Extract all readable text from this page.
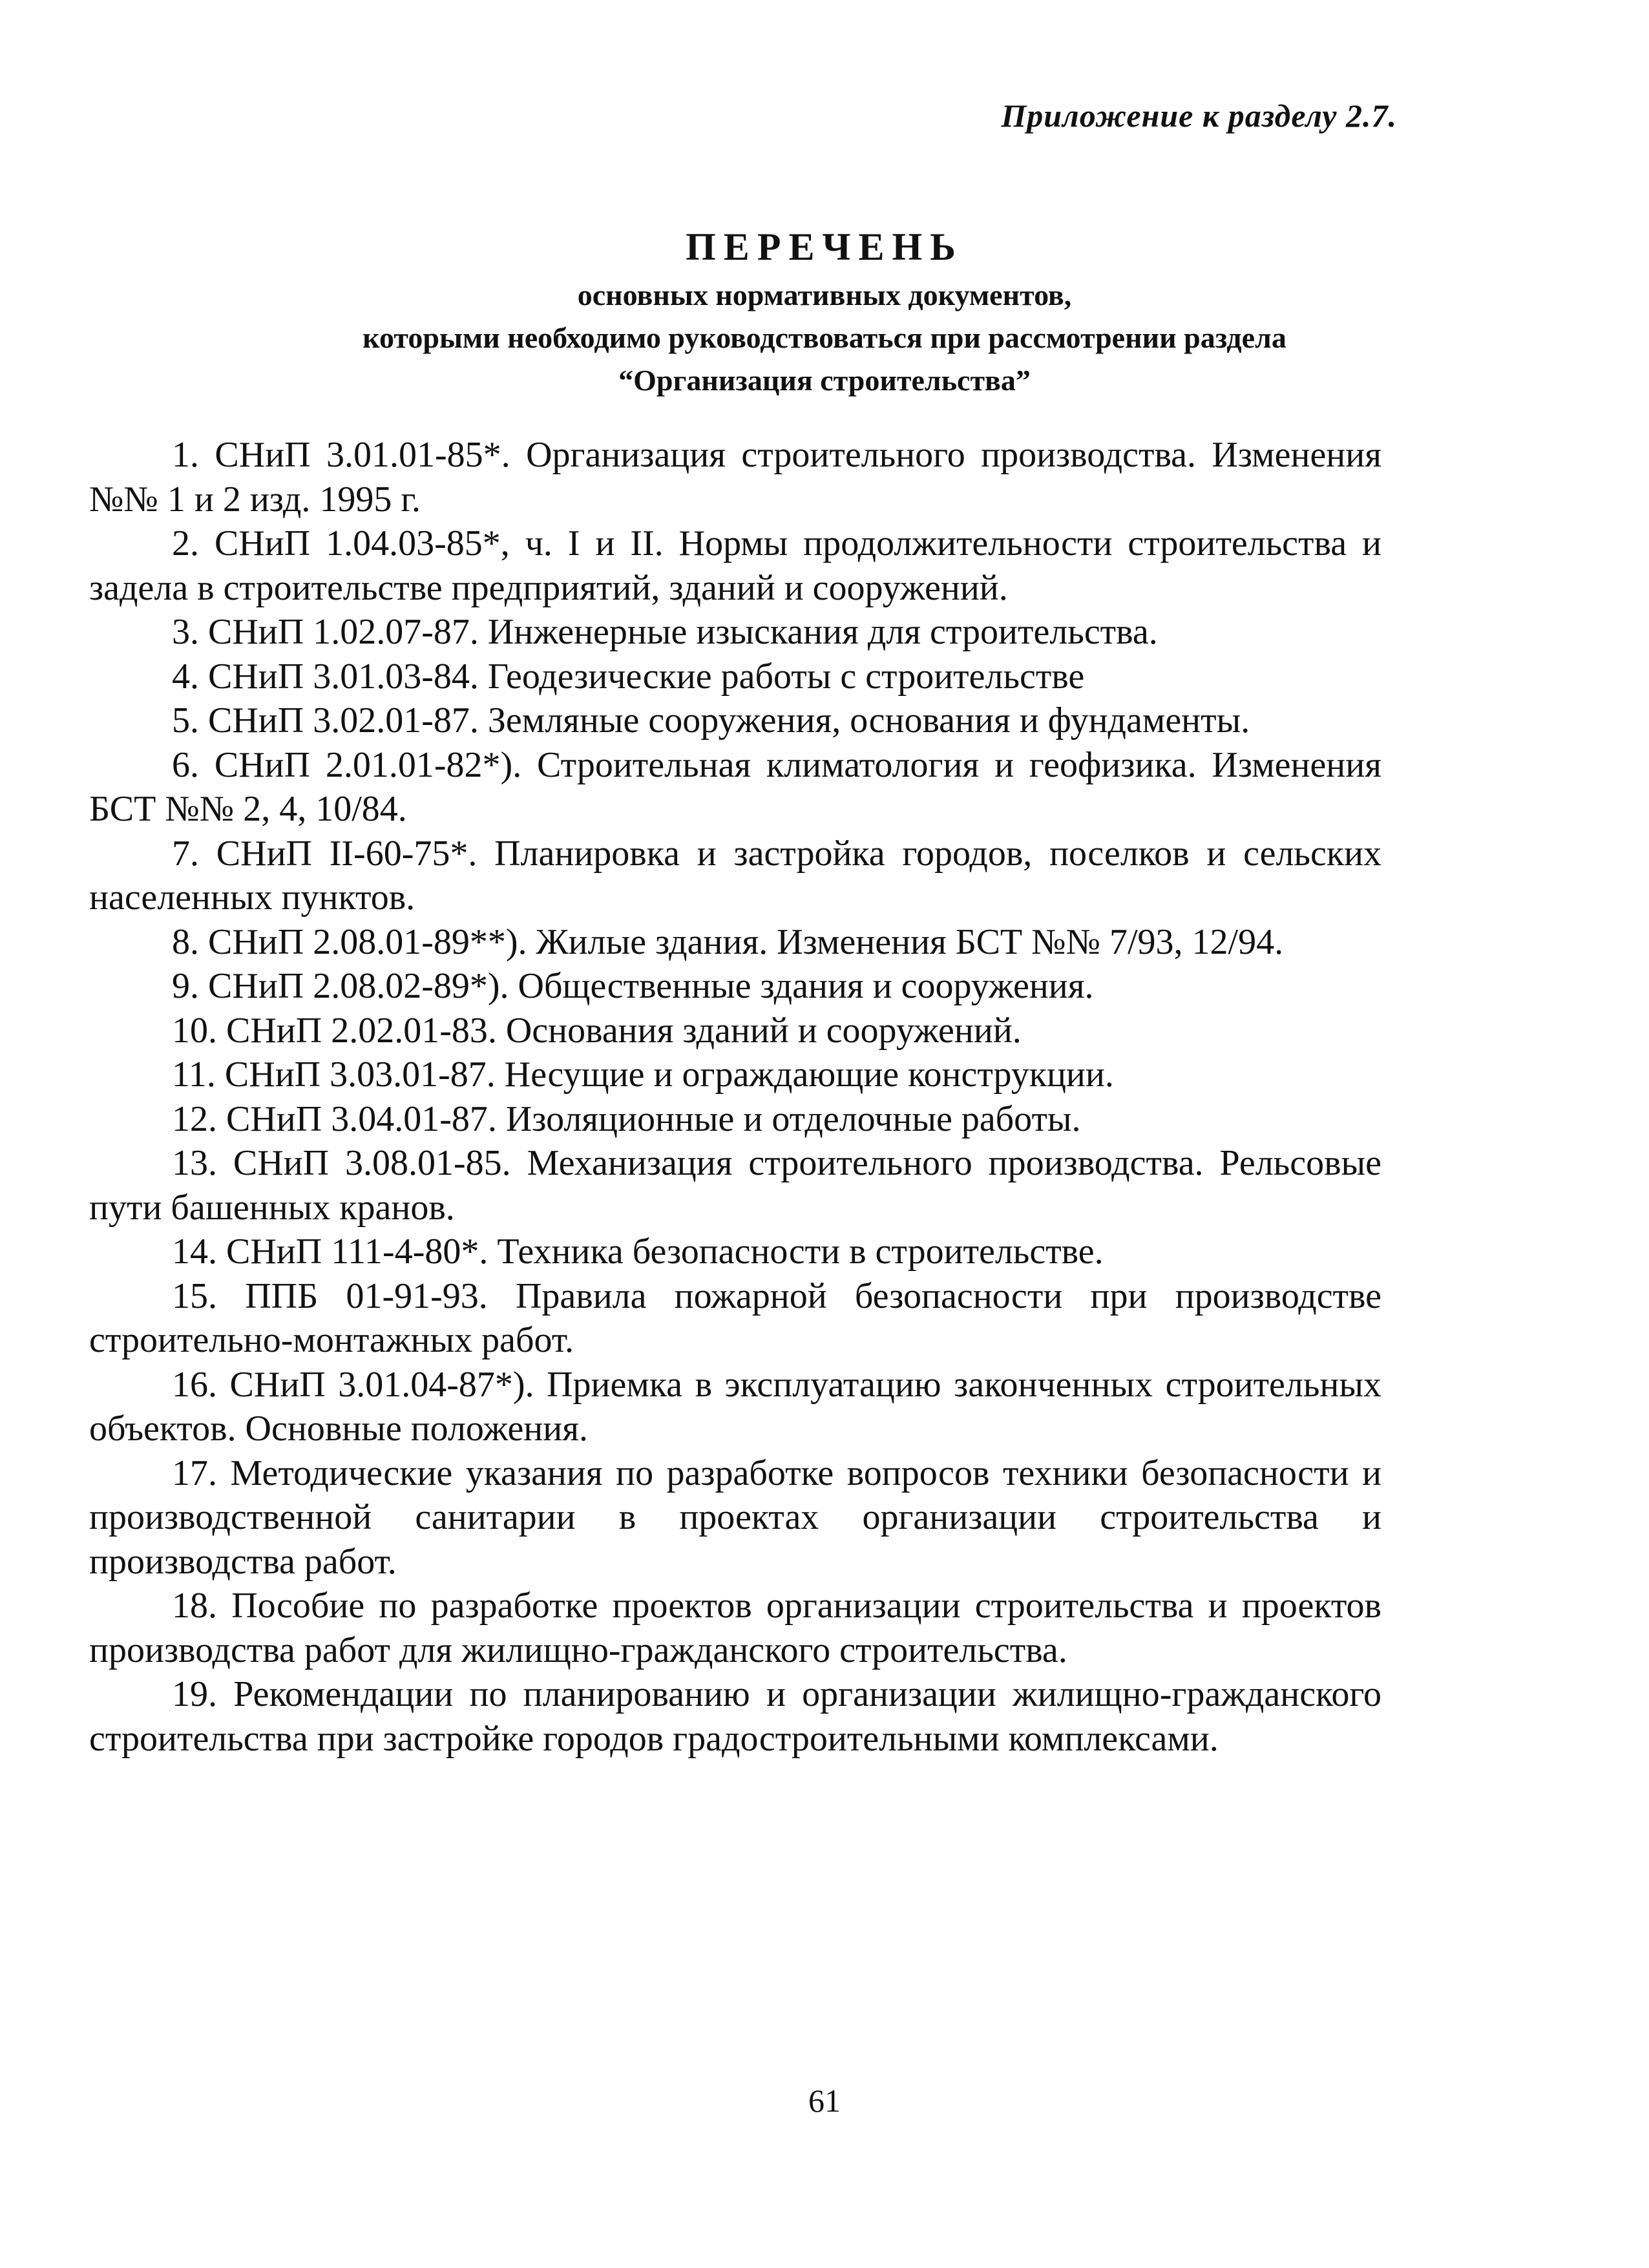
Приложение к разделу 2.7.
ПЕРЕЧЕНЬ
основных нормативных документов,
которыми необходимо руководствоваться при рассмотрении раздела
“Организация строительства”
1. СНиП 3.01.01-85*. Организация строительного производства. Изменения №№ 1 и 2 изд. 1995 г.
2. СНиП 1.04.03-85*, ч. I и II. Нормы продолжительности строительства и задела в строительстве предприятий, зданий и сооружений.
3. СНиП 1.02.07-87. Инженерные изыскания для строительства.
4. СНиП 3.01.03-84. Геодезические работы с строительстве
5. СНиП 3.02.01-87. Земляные сооружения, основания и фундаменты.
6. СНиП 2.01.01-82*). Строительная климатология и геофизика. Изменения БСТ №№ 2, 4, 10/84.
7. СНиП II-60-75*. Планировка и застройка городов, поселков и сельских населенных пунктов.
8. СНиП 2.08.01-89**). Жилые здания. Изменения БСТ №№ 7/93, 12/94.
9. СНиП 2.08.02-89*). Общественные здания и сооружения.
10. СНиП 2.02.01-83. Основания зданий и сооружений.
11. СНиП 3.03.01-87. Несущие и ограждающие конструкции.
12. СНиП 3.04.01-87. Изоляционные и отделочные работы.
13. СНиП 3.08.01-85. Механизация строительного производства. Рельсовые пути башенных кранов.
14. СНиП 111-4-80*. Техника безопасности в строительстве.
15. ППБ 01-91-93. Правила пожарной безопасности при производстве строительно-монтажных работ.
16. СНиП 3.01.04-87*). Приемка в эксплуатацию законченных строительных объектов. Основные положения.
17. Методические указания по разработке вопросов техники безопасности и производственной санитарии в проектах организации строительства и производства работ.
18. Пособие по разработке проектов организации строительства и проектов производства работ для жилищно-гражданского строительства.
19. Рекомендации по планированию и организации жилищно-гражданского строительства при застройке городов градостроительными комплексами.
61
